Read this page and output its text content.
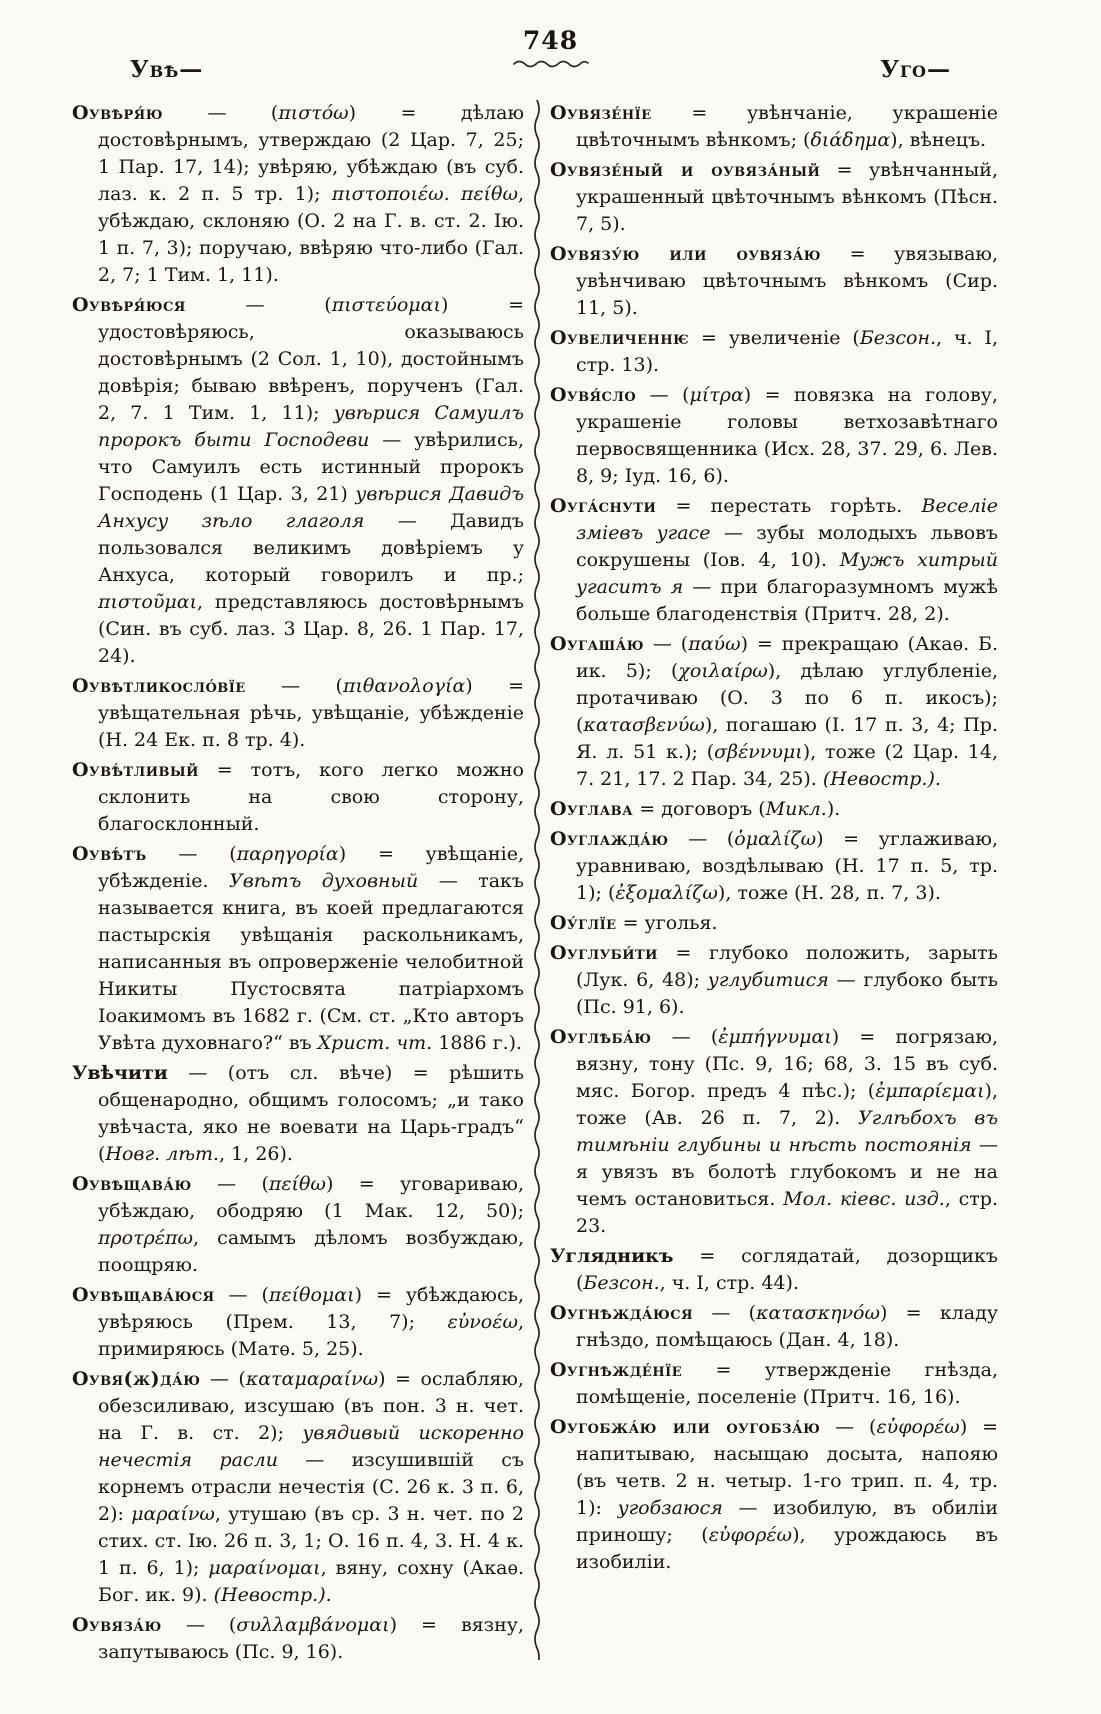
Увѣ—
748
Уго—

Оувѣря́ю — (πιστόω) = дѣлаю достовѣрнымъ, утверждаю (2 Цар. 7, 25; 1 Пар. 17, 14); увѣряю, убѣждаю (въ суб. лаз. к. 2 п. 5 тр. 1); πιστοποιέω. πείθω, убѣждаю, склоняю (О. 2 на Г. в. ст. 2. Ію. 1 п. 7, 3); поручаю, ввѣряю что-либо (Гал. 2, 7; 1 Тим. 1, 11).

Оувѣря́юся — (πιστεύομαι) = удостовѣряюсь, оказываюсь достовѣрнымъ (2 Сол. 1, 10), достойнымъ довѣрія; бываю ввѣренъ, порученъ (Гал. 2, 7. 1 Тим. 1, 11); увѣрися Самуилъ пророкъ быти Господеви — увѣрились, что Самуилъ есть истинный пророкъ Господень (1 Цар. 3, 21) увѣрися Давидъ Анхусу зѣло глаголя — Давидъ пользовался великимъ довѣріемъ у Анхуса, который говорилъ и пр.; πιστοῦμαι, представляюсь достовѣрнымъ (Син. въ суб. лаз. 3 Цар. 8, 26. 1 Пар. 17, 24).

Оувѣтликосло́вїе — (πιθανολογία) = увѣщательная рѣчь, увѣщаніе, убѣжденіе (Н. 24 Ек. п. 8 тр. 4).

Оувѣ́тливый = тотъ, кого легко можно склонить на свою сторону, благосклонный.

Оувѣ́тъ — (παρηγορία) = увѣщаніе, убѣжденіе. Увѣтъ духовный — такъ называется книга, въ коей предлагаются пастырскія увѣщанія раскольникамъ, написанныя въ опроверженіе челобитной Никиты Пустосвята патріархомъ Іоакимомъ въ 1682 г. (См. ст. „Кто авторъ Увѣта духовнаго?“ въ Христ. чт. 1886 г.).

Увѣчити — (отъ сл. вѣче) = рѣшить общенародно, общимъ голосомъ; „и тако увѣчаста, яко не воевати на Царь-градъ“ (Новг. лѣт., 1, 26).

Оувѣщава́ю — (πείθω) = уговариваю, убѣждаю, ободряю (1 Мак. 12, 50); προτρέπω, самымъ дѣломъ возбуждаю, поощряю.

Оувѣщава́юся — (πείθομαι) = убѣждаюсь, увѣряюсь (Прем. 13, 7); εὐνοέω, примиряюсь (Матѳ. 5, 25).

Оувя(ж)да́ю — (καταμαραίνω) = ослабляю, обезсиливаю, изсушаю (въ пон. 3 н. чет. на Г. в. ст. 2); увядивый искоренно нечестія расли — изсушившій съ корнемъ отрасли нечестія (С. 26 к. 3 п. 6, 2): μαραίνω, утушаю (въ ср. 3 н. чет. по 2 стих. ст. Ію. 26 п. 3, 1; О. 16 п. 4, 3. Н. 4 к. 1 п. 6, 1); μαραίνομαι, вяну, сохну (Акаѳ. Бог. ик. 9). (Невостр.).

Оувяза́ю — (συλλαμβάνομαι) = вязну, запутываюсь (Пс. 9, 16).

Оувязе́нїе = увѣнчаніе, украшеніе цвѣточнымъ вѣнкомъ; (διάδημα), вѣнецъ.

Оувязе́ный и оувяза́ный = увѣнчанный, украшенный цвѣточнымъ вѣнкомъ (Пѣсн. 7, 5).

Оувязу́ю или оувяза́ю = увязываю, увѣнчиваю цвѣточнымъ вѣнкомъ (Сир. 11, 5).

Оувеличеннѥ = увеличеніе (Безсон., ч. I, стр. 13).

Оувя́сло — (μίτρα) = повязка на голову, украшеніе головы ветхозавѣтнаго первосвященника (Исх. 28, 37. 29, 6. Лев. 8, 9; Іуд. 16, 6).

Оуга́снути = перестать горѣть. Веселіе зміевъ угасе — зубы молодыхъ львовъ сокрушены (Іов. 4, 10). Мужъ хитрый угаситъ я — при благоразумномъ мужѣ больше благоденствія (Притч. 28, 2).

Оугаша́ю — (παύω) = прекращаю (Акаѳ. Б. ик. 5); (χοιλαίρω), дѣлаю углубленіе, протачиваю (О. 3 по 6 п. икосъ); (κατασβενύω), погашаю (І. 17 п. 3, 4; Пр. Я. л. 51 к.); (σβέννυμι), тоже (2 Цар. 14, 7. 21, 17. 2 Пар. 34, 25). (Невостр.).

Оуглава = договоръ (Микл.).

Оуглажда́ю — (ὁμαλίζω) = углаживаю, уравниваю, воздѣлываю (Н. 17 п. 5, тр. 1); (ἐξομαλίζω), тоже (Н. 28, п. 7, 3).

Оу́глїе = уголья.

Оуглуби́ти = глубоко положить, зарыть (Лук. 6, 48); углубитися — глубоко быть (Пс. 91, 6).

Оуглѣба́ю — (ἐμπήγνυμαι) = погрязаю, вязну, тону (Пс. 9, 16; 68, 3. 15 въ суб. мяс. Богор. предъ 4 пѣс.); (ἐμπαρίεμαι), тоже (Ав. 26 п. 7, 2). Углѣбохъ въ тимѣніи глубины и нѣсть постоянія — я увязъ въ болотѣ глубокомъ и не на чемъ остановиться. Мол. кіевс. изд., стр. 23.

Углядникъ = соглядатай, дозорщикъ (Безсон., ч. I, стр. 44).

Оугнѣжда́юся — (κατασκηνόω) = кладу гнѣздо, помѣщаюсь (Дан. 4, 18).

Оугнѣжде́нїе = утвержденіе гнѣзда, помѣщеніе, поселеніе (Притч. 16, 16).

Оугобжа́ю или оугобза́ю — (εὐφορέω) = напитываю, насыщаю досыта, напояю (въ четв. 2 н. четыр. 1-го трип. п. 4, тр. 1): угобзаюся — изобилую, въ обиліи приношу; (εὐφορέω), урождаюсь въ изобиліи.
